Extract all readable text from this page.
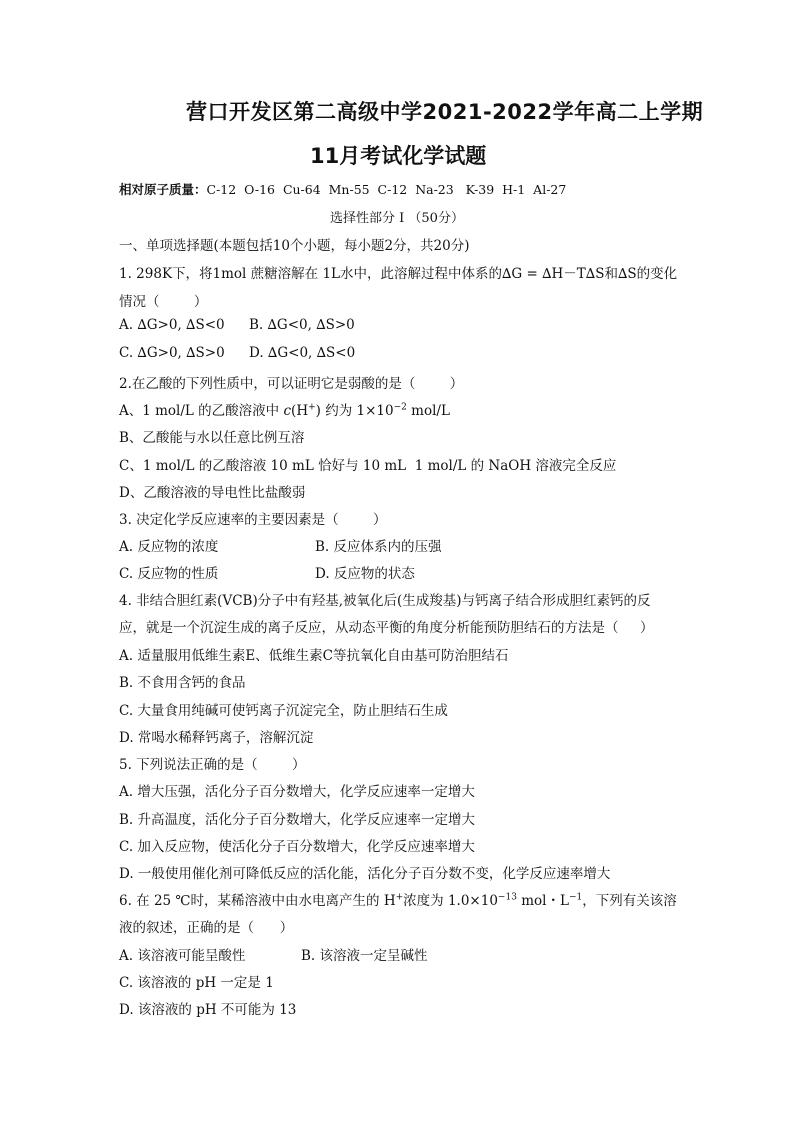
营口开发区第二高级中学2021-2022学年高二上学期
11月考试化学试题
相对原子质量：C-12  O-16  Cu-64  Mn-55  C-12  Na-23   K-39  H-1  Al-27
选择性部分 I （50分）
一、单项选择题(本题包括10个小题，每小题2分，共20分)
1. 298K下，将1mol 蔗糖溶解在 1L水中，此溶解过程中体系的∆G = ∆H－T∆S和∆S的变化
情况（        ）
A. ∆G>0, ∆S<0 B. ∆G<0, ∆S>0
C. ∆G>0, ∆S>0 D. ∆G<0, ∆S<0
2.在乙酸的下列性质中，可以证明它是弱酸的是（        ）
A、1 mol/L 的乙酸溶液中 c(H+) 约为 $1\times 10^{-2}$ mol/L
B、乙酸能与水以任意比例互溶
C、1 mol/L 的乙酸溶液 10 mL 恰好与 10 mL  1 mol/L 的 NaOH 溶液完全反应
D、乙酸溶液的导电性比盐酸弱
3. 决定化学反应速率的主要因素是（        ）
A. 反应物的浓度	B. 反应体系内的压强
C. 反应物的性质	D. 反应物的状态
4. 非结合胆红素(VCB)分子中有羟基,被氧化后(生成羧基)与钙离子结合形成胆红素钙的反
应，就是一个沉淀生成的离子反应，从动态平衡的角度分析能预防胆结石的方法是（     ）
A. 适量服用低维生素E、低维生素C等抗氧化自由基可防治胆结石
B. 不食用含钙的食品
C. 大量食用纯碱可使钙离子沉淀完全，防止胆结石生成
D. 常喝水稀释钙离子，溶解沉淀
5. 下列说法正确的是（        ）
A. 增大压强，活化分子百分数增大，化学反应速率一定增大
B. 升高温度，活化分子百分数增大，化学反应速率一定增大
C. 加入反应物，使活化分子百分数增大，化学反应速率增大
D. 一般使用催化剂可降低反应的活化能，活化分子百分数不变，化学反应速率增大
6. 在 25 ℃时，某稀溶液中由水电离产生的 H+浓度为 $1.0\times 10^{-13}$ mol・$L^{-1}$，下列有关该溶
液的叙述，正确的是（      ）
A. 该溶液可能呈酸性	B. 该溶液一定呈碱性
C. 该溶液的 pH 一定是 1
D. 该溶液的 pH 不可能为 13
